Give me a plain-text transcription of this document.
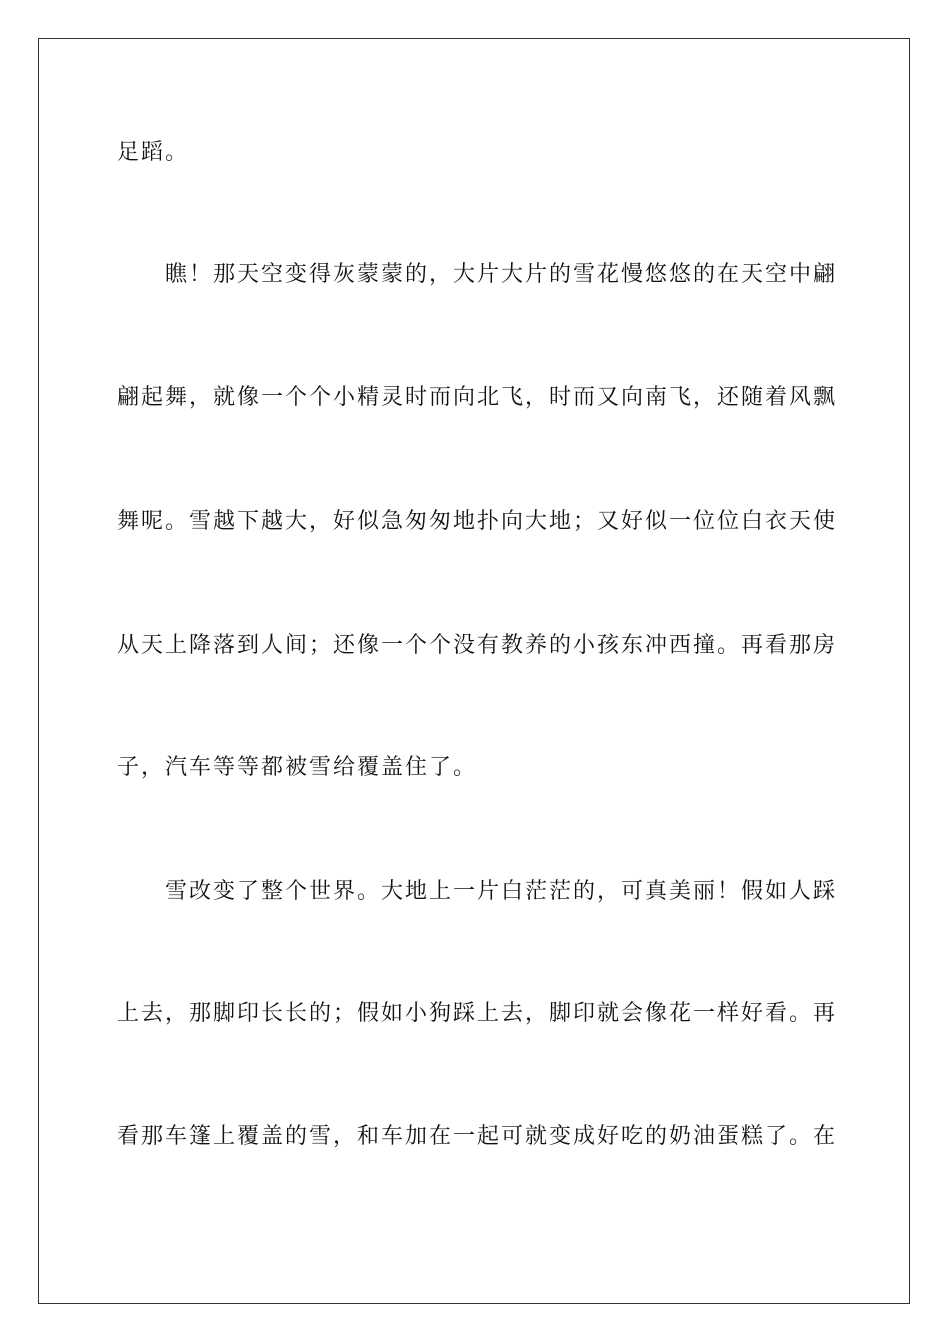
足蹈。
瞧！那天空变得灰蒙蒙的，大片大片的雪花慢悠悠的在天空中翩
翩起舞，就像一个个小精灵时而向北飞，时而又向南飞，还随着风飘
舞呢。雪越下越大，好似急匆匆地扑向大地；又好似一位位白衣天使
从天上降落到人间；还像一个个没有教养的小孩东冲西撞。再看那房
子，汽车等等都被雪给覆盖住了。
雪改变了整个世界。大地上一片白茫茫的，可真美丽！假如人踩
上去，那脚印长长的；假如小狗踩上去，脚印就会像花一样好看。再
看那车篷上覆盖的雪，和车加在一起可就变成好吃的奶油蛋糕了。在
